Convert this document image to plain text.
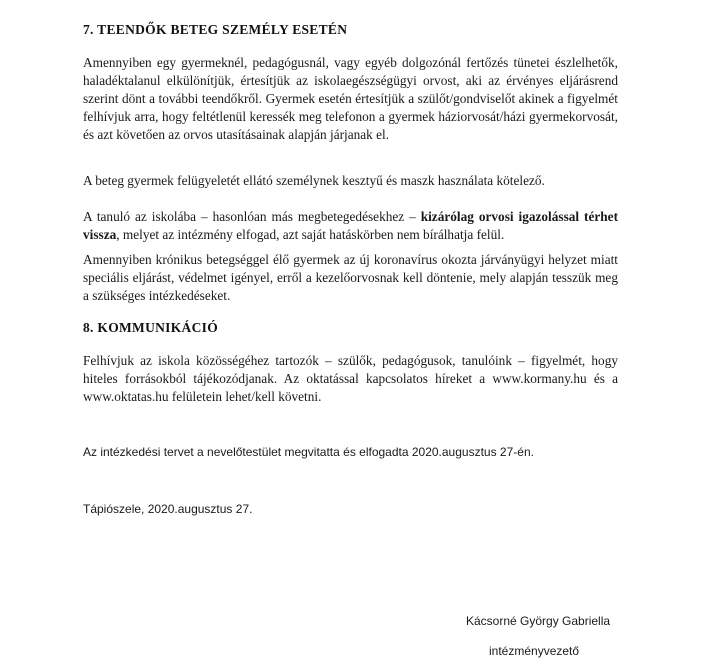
7. TEENDŐK BETEG SZEMÉLY ESETÉN

Amennyiben egy gyermeknél, pedagógusnál, vagy egyéb dolgozónál fertőzés tünetei észlelhetők, haladéktalanul elkülönítjük, értesítjük az iskolaegészségügyi orvost, aki az érvényes eljárásrend szerint dönt a további teendőkről. Gyermek esetén értesítjük a szülőt/gondviselőt akinek a figyelmét felhívjuk arra, hogy feltétlenül keressék meg telefonon a gyermek háziorvosát/házi gyermekorvosát, és azt követően az orvos utasításainak alapján járjanak el.

A beteg gyermek felügyeletét ellátó személynek kesztyű és maszk használata kötelező.

A tanuló az iskolába – hasonlóan más megbetegedésekhez – kizárólag orvosi igazolással térhet vissza, melyet az intézmény elfogad, azt saját hatáskörben nem bírálhatja felül.

Amennyiben krónikus betegséggel élő gyermek az új koronavírus okozta járványügyi helyzet miatt speciális eljárást, védelmet igényel, erről a kezelőorvosnak kell döntenie, mely alapján tesszük meg a szükséges intézkedéseket.

8. KOMMUNIKÁCIÓ

Felhívjuk az iskola közösségéhez tartozók – szülők, pedagógusok, tanulóink – figyelmét, hogy hiteles forrásokból tájékozódjanak. Az oktatással kapcsolatos híreket a www.kormany.hu és a www.oktatas.hu felületein lehet/kell követni.

Az intézkedési tervet a nevelőtestület megvitatta és elfogadta 2020.augusztus 27-én.

Tápiószele, 2020.augusztus 27.

Kácsorné György Gabriella

intézményvezető
